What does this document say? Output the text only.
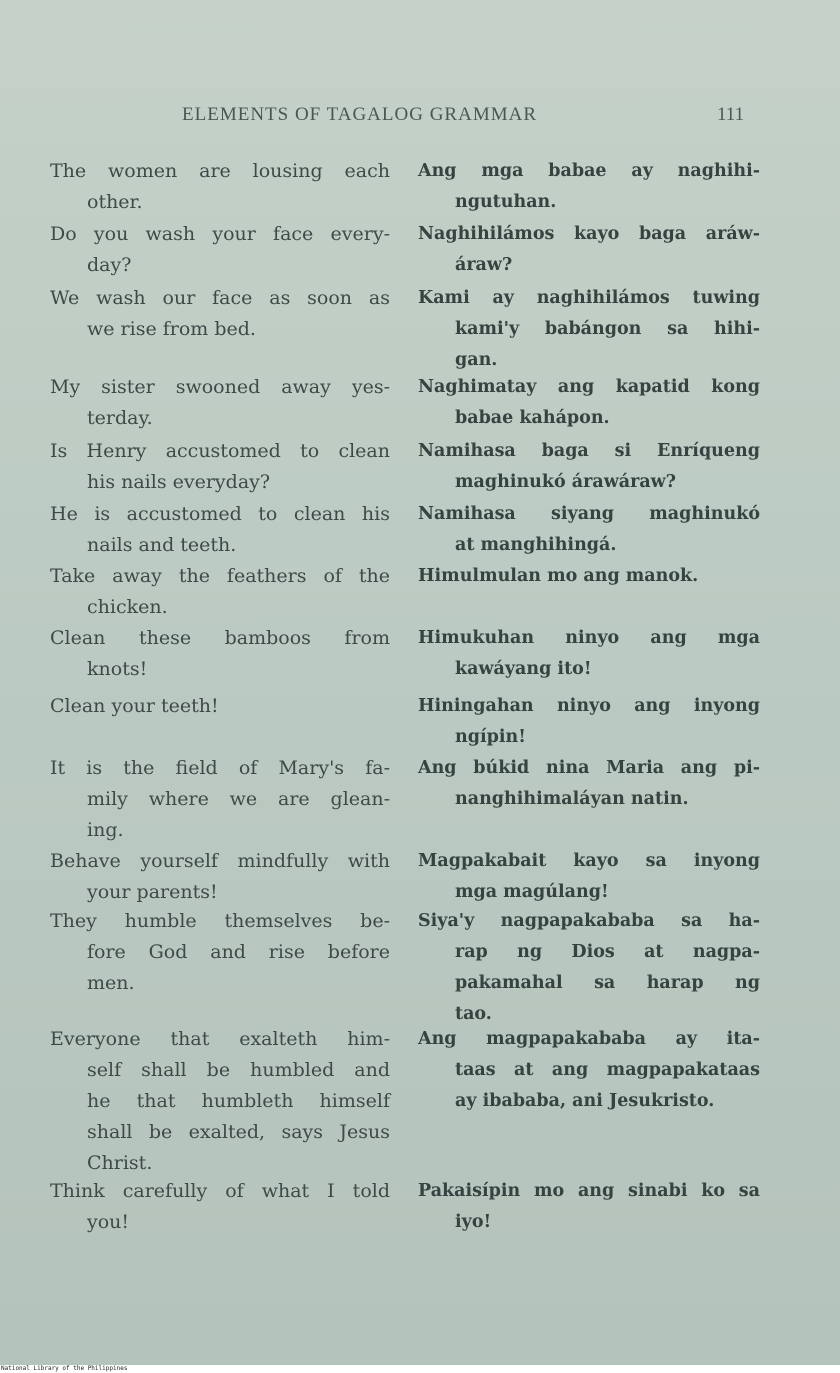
ELEMENTS OF TAGALOG GRAMMAR	111
The women are lousing each
other.
Ang mga babae ay naghihi-
ngutuhan.
Do you wash your face every-
day?
Naghihilámos kayo baga aráw-
áraw?
We wash our face as soon as
we rise from bed.
Kami ay naghihilámos tuwing
kami'y babángon sa hihi-
gan.
My sister swooned away yes-
terday.
Naghimatay ang kapatid kong
babae kahápon.
Is Henry accustomed to clean
his nails everyday?
Namihasa baga si Enríqueng
maghinukó árawáraw?
He is accustomed to clean his
nails and teeth.
Namihasa siyang maghinukó
at manghihingá.
Take away the feathers of the
chicken.
Himulmulan mo ang manok.
Clean these bamboos from
knots!
Himukuhan ninyo ang mga
kawáyang ito!
Clean your teeth!	Hiningahan ninyo ang inyong
ngípin!
It is the field of Mary's fa-
mily where we are glean-
ing.
Ang búkid nina Maria ang pi-
nanghihimaláyan natin.
Behave yourself mindfully with
your parents!
Magpakabait kayo sa inyong
mga magúlang!
They humble themselves be-
fore God and rise before
men.
Siya'y nagpapakababa sa ha-
rap ng Dios at nagpa-
pakamahal sa harap ng
tao.
Everyone that exalteth him-
self shall be humbled and
he that humbleth himself
shall be exalted, says Jesus
Christ.
Ang magpapakababa ay ita-
taas at ang magpapakataas
ay ibababa, ani Jesukristo.
Think carefully of what I told
you!
Pakaisípin mo ang sinabi ko sa
iyo!
National Library of the Philippines
